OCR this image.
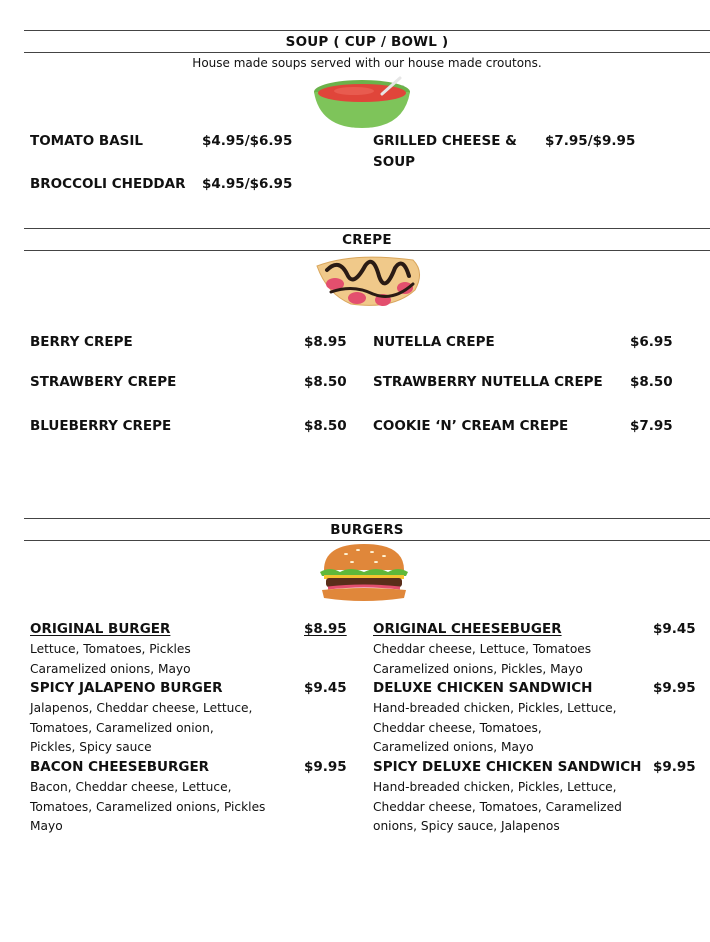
SOUP ( CUP / BOWL )
House made soups served with our house made croutons.
TOMATO BASIL	$4.95/$6.95
BROCCOLI CHEDDAR $4.95/$6.95
GRILLED CHEESE &
SOUP
$7.95/$9.95
CREPE
BERRY CREPE	$8.95
STRAWBERY CREPE	$8.50
BLUEBERRY CREPE	$8.50
NUTELLA CREPE	$6.95
STRAWBERRY NUTELLA CREPE $8.50
COOKIE ‘N’ CREAM CREPE	$7.95
BURGERS
ORIGINAL BURGER	$8.95
Lettuce, Tomatoes, Pickles
Caramelized onions, Mayo
SPICY JALAPENO BURGER	$9.45
Jalapenos, Cheddar cheese, Lettuce,
Tomatoes, Caramelized onion,
Pickles, Spicy sauce
BACON CHEESEBURGER	$9.95
Bacon, Cheddar cheese, Lettuce,
Tomatoes, Caramelized onions, Pickles
Mayo
ORIGINAL CHEESEBUGER	$9.45
Cheddar cheese, Lettuce, Tomatoes
Caramelized onions, Pickles, Mayo
DELUXE CHICKEN SANDWICH	$9.95
Hand-breaded chicken, Pickles, Lettuce,
Cheddar cheese, Tomatoes,
Caramelized onions, Mayo
SPICY DELUXE CHICKEN SANDWICH $9.95
Hand-breaded chicken, Pickles, Lettuce,
Cheddar cheese, Tomatoes, Caramelized
onions, Spicy sauce, Jalapenos
